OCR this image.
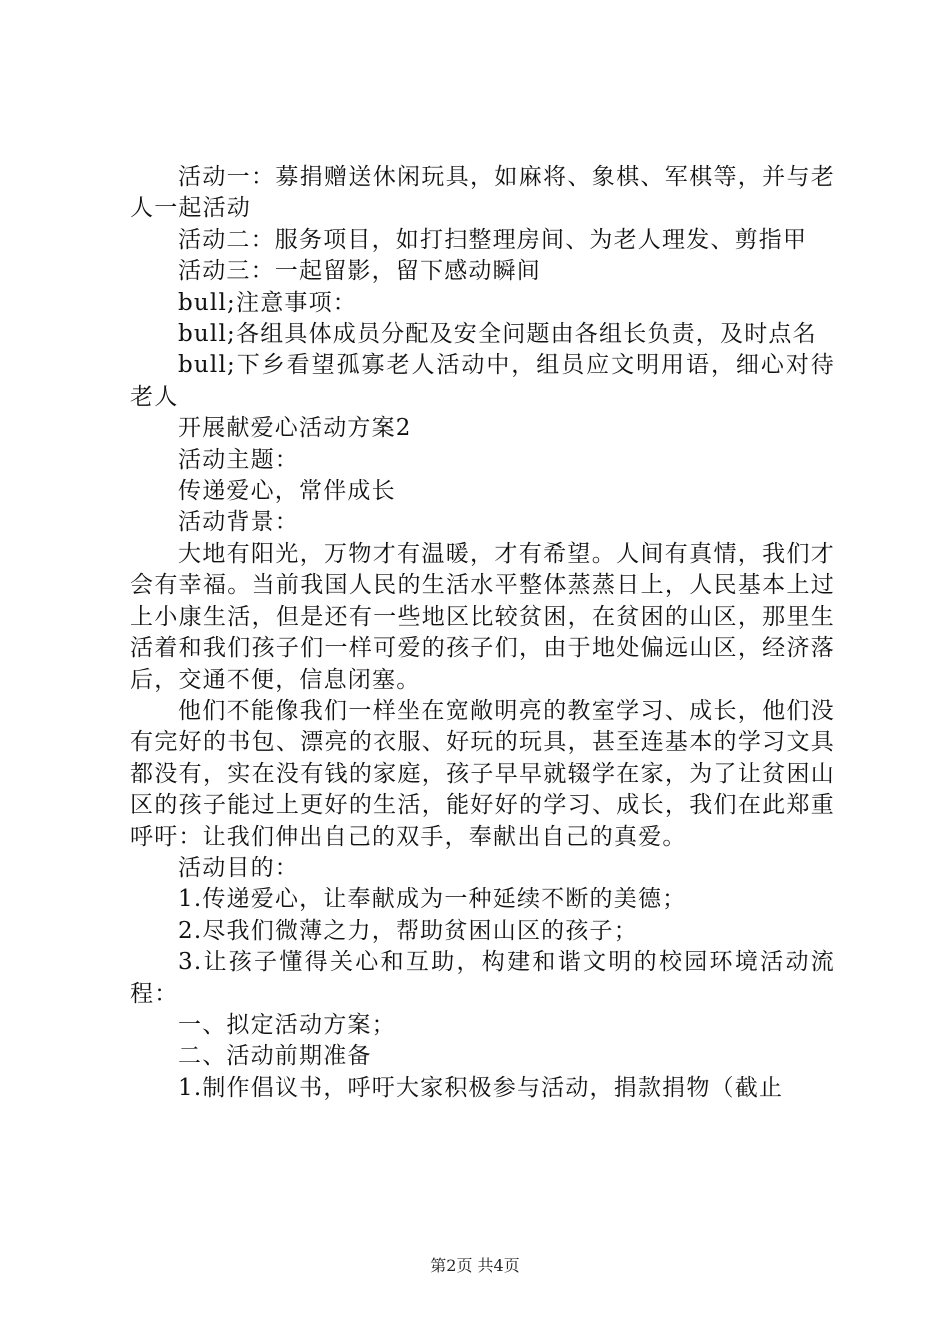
活动一：募捐赠送休闲玩具，如麻将、象棋、军棋等，并与老人一起活动

活动二：服务项目，如打扫整理房间、为老人理发、剪指甲

活动三：一起留影，留下感动瞬间

bull;注意事项：

bull;各组具体成员分配及安全问题由各组长负责，及时点名

bull;下乡看望孤寡老人活动中，组员应文明用语，细心对待老人

开展献爱心活动方案2

活动主题：

传递爱心，常伴成长

活动背景：

大地有阳光，万物才有温暖，才有希望。人间有真情，我们才会有幸福。当前我国人民的生活水平整体蒸蒸日上，人民基本上过上小康生活，但是还有一些地区比较贫困，在贫困的山区，那里生活着和我们孩子们一样可爱的孩子们，由于地处偏远山区，经济落后，交通不便，信息闭塞。

他们不能像我们一样坐在宽敞明亮的教室学习、成长，他们没有完好的书包、漂亮的衣服、好玩的玩具，甚至连基本的学习文具都没有，实在没有钱的家庭，孩子早早就辍学在家，为了让贫困山区的孩子能过上更好的生活，能好好的学习、成长，我们在此郑重呼吁：让我们伸出自己的双手，奉献出自己的真爱。

活动目的：

1.传递爱心，让奉献成为一种延续不断的美德；

2.尽我们微薄之力，帮助贫困山区的孩子；

3.让孩子懂得关心和互助，构建和谐文明的校园环境活动流程：

一、拟定活动方案；

二、活动前期准备

1.制作倡议书，呼吁大家积极参与活动，捐款捐物（截止

第2页 共4页
